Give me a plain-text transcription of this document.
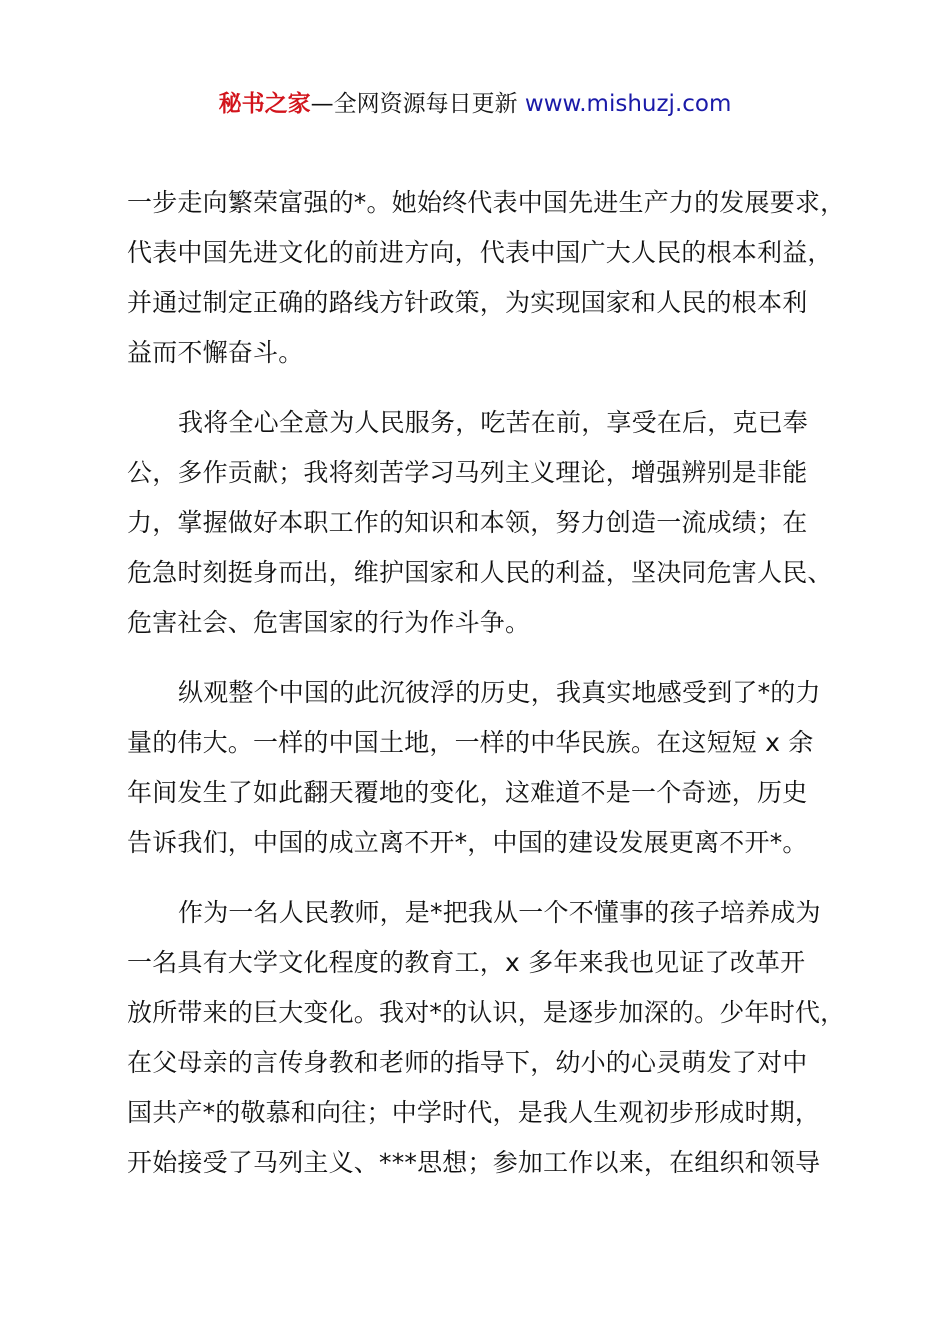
秘书之家—全网资源每日更新 www.mishuzj.com
一步走向繁荣富强的*。她始终代表中国先进生产力的发展要求，
代表中国先进文化的前进方向，代表中国广大人民的根本利益，
并通过制定正确的路线方针政策，为实现国家和人民的根本利
益而不懈奋斗。
我将全心全意为人民服务，吃苦在前，享受在后，克已奉
公，多作贡献；我将刻苦学习马列主义理论，增强辨别是非能
力，掌握做好本职工作的知识和本领，努力创造一流成绩；在
危急时刻挺身而出，维护国家和人民的利益，坚决同危害人民、
危害社会、危害国家的行为作斗争。
纵观整个中国的此沉彼浮的历史，我真实地感受到了*的力
量的伟大。一样的中国土地，一样的中华民族。在这短短 x 余
年间发生了如此翻天覆地的变化，这难道不是一个奇迹，历史
告诉我们，中国的成立离不开*，中国的建设发展更离不开*。
作为一名人民教师，是*把我从一个不懂事的孩子培养成为
一名具有大学文化程度的教育工，x 多年来我也见证了改革开
放所带来的巨大变化。我对*的认识，是逐步加深的。少年时代，
在父母亲的言传身教和老师的指导下，幼小的心灵萌发了对中
国共产*的敬慕和向往；中学时代，是我人生观初步形成时期，
开始接受了马列主义、***思想；参加工作以来，在组织和领导
